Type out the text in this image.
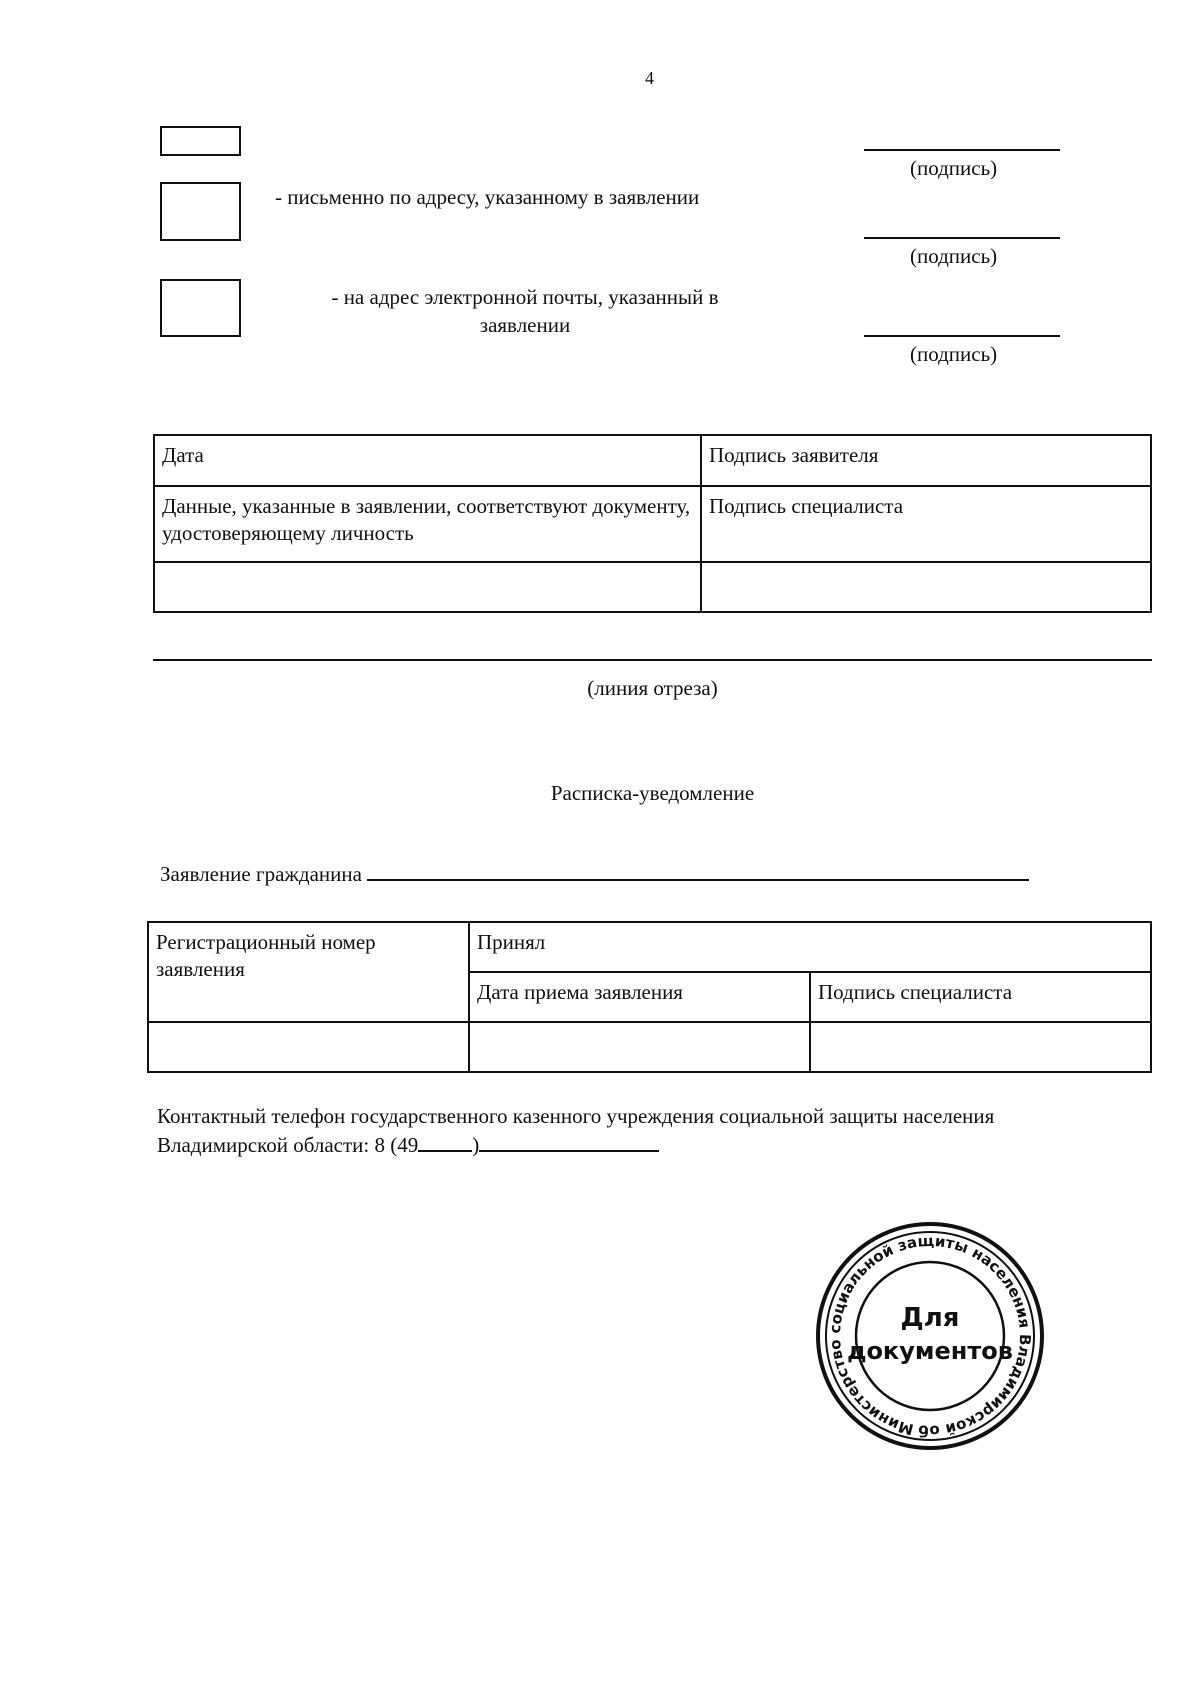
4
- письменно по адресу, указанному в заявлении
- на адрес электронной почты, указанный в
заявлении
(подпись)
(подпись)
(подпись)
Дата	Подпись заявителя
Данные, указанные в заявлении, соответствуют документу, удостоверяющему личность	Подпись специалиста

(линия отреза)
Расписка-уведомление
Заявление гражданина
Регистрационный номер заявления	Принял	
	Дата приема заявления	Подпись специалиста

Контактный телефон государственного казенного учреждения социальной защиты населения
Владимирской области: 8 (49	)
Министерство социальной защиты населения Владимирской области
Для
документов
